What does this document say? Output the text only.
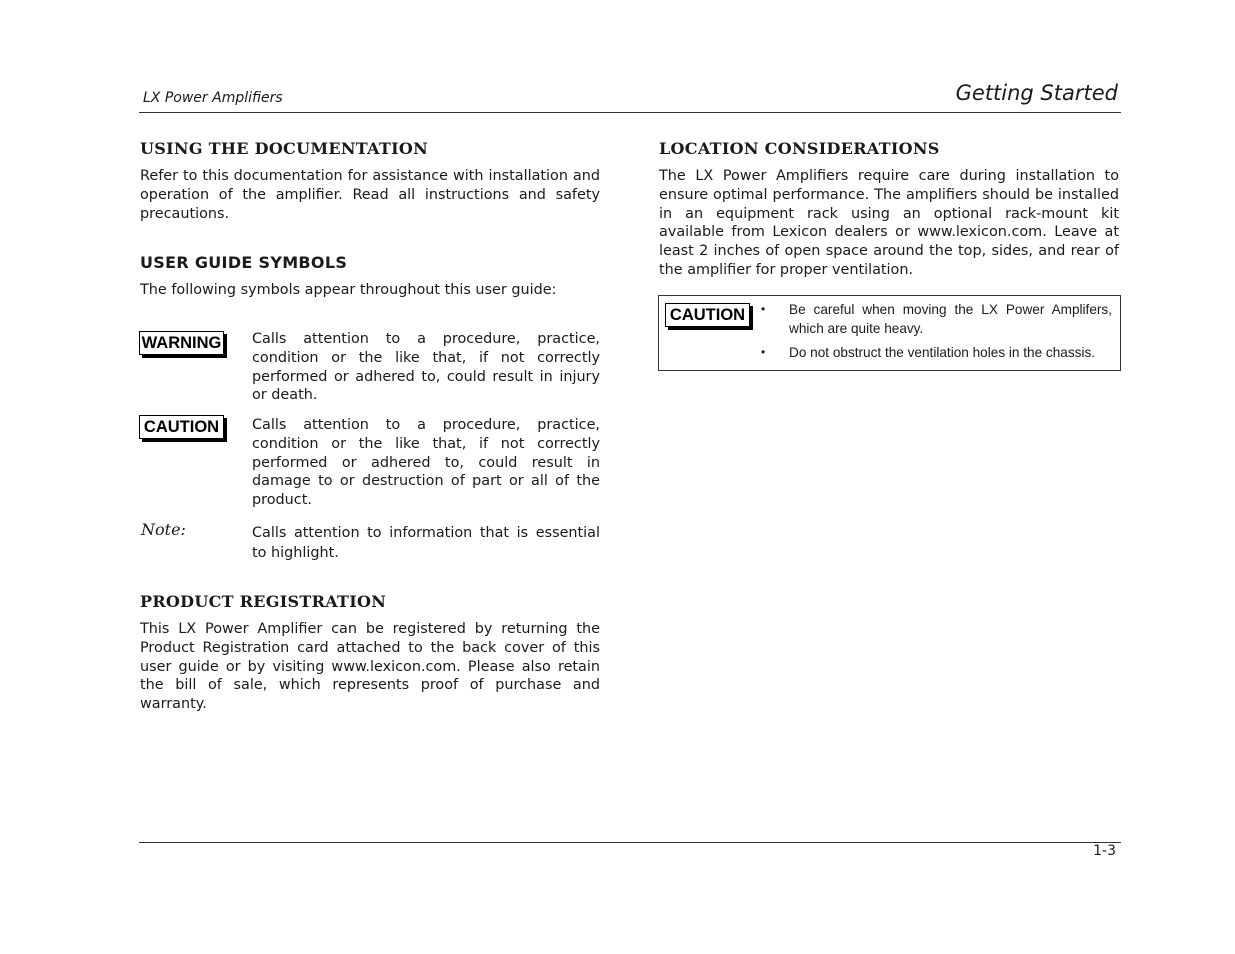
LX Power Amplifiers	Getting Started
USING THE DOCUMENTATION

Refer to this documentation for assistance with installation and operation of the amplifier. Read all instructions and safety precautions.

USER GUIDE SYMBOLS

The following symbols appear throughout this user guide:

WARNING Calls attention to a procedure, practice, condition or the like that, if not correctly performed or adhered to, could result in injury or death.

CAUTION	Calls attention to a procedure, practice, condition or the like that, if not correctly performed or adhered to, could result in damage to or destruction of part or all of the product.

Note:	Calls attention to information that is essential to highlight.

PRODUCT REGISTRATION

This LX Power Amplifier can be registered by returning the Product Registration card attached to the back cover of this user guide or by visiting www.lexicon.com. Please also retain the bill of sale, which represents proof of purchase and warranty.

LOCATION CONSIDERATIONS

The LX Power Amplifiers require care during installation to ensure optimal performance. The amplifiers should be installed in an equipment rack using an optional rack-mount kit available from Lexicon dealers or www.lexicon.com. Leave at least 2 inches of open space around the top, sides, and rear of the amplifier for proper ventilation.

CAUTION	• Be careful when moving the LX Power Amplifers, which are quite heavy.

• Do not obstruct the ventilation holes in the chassis.

1-3
